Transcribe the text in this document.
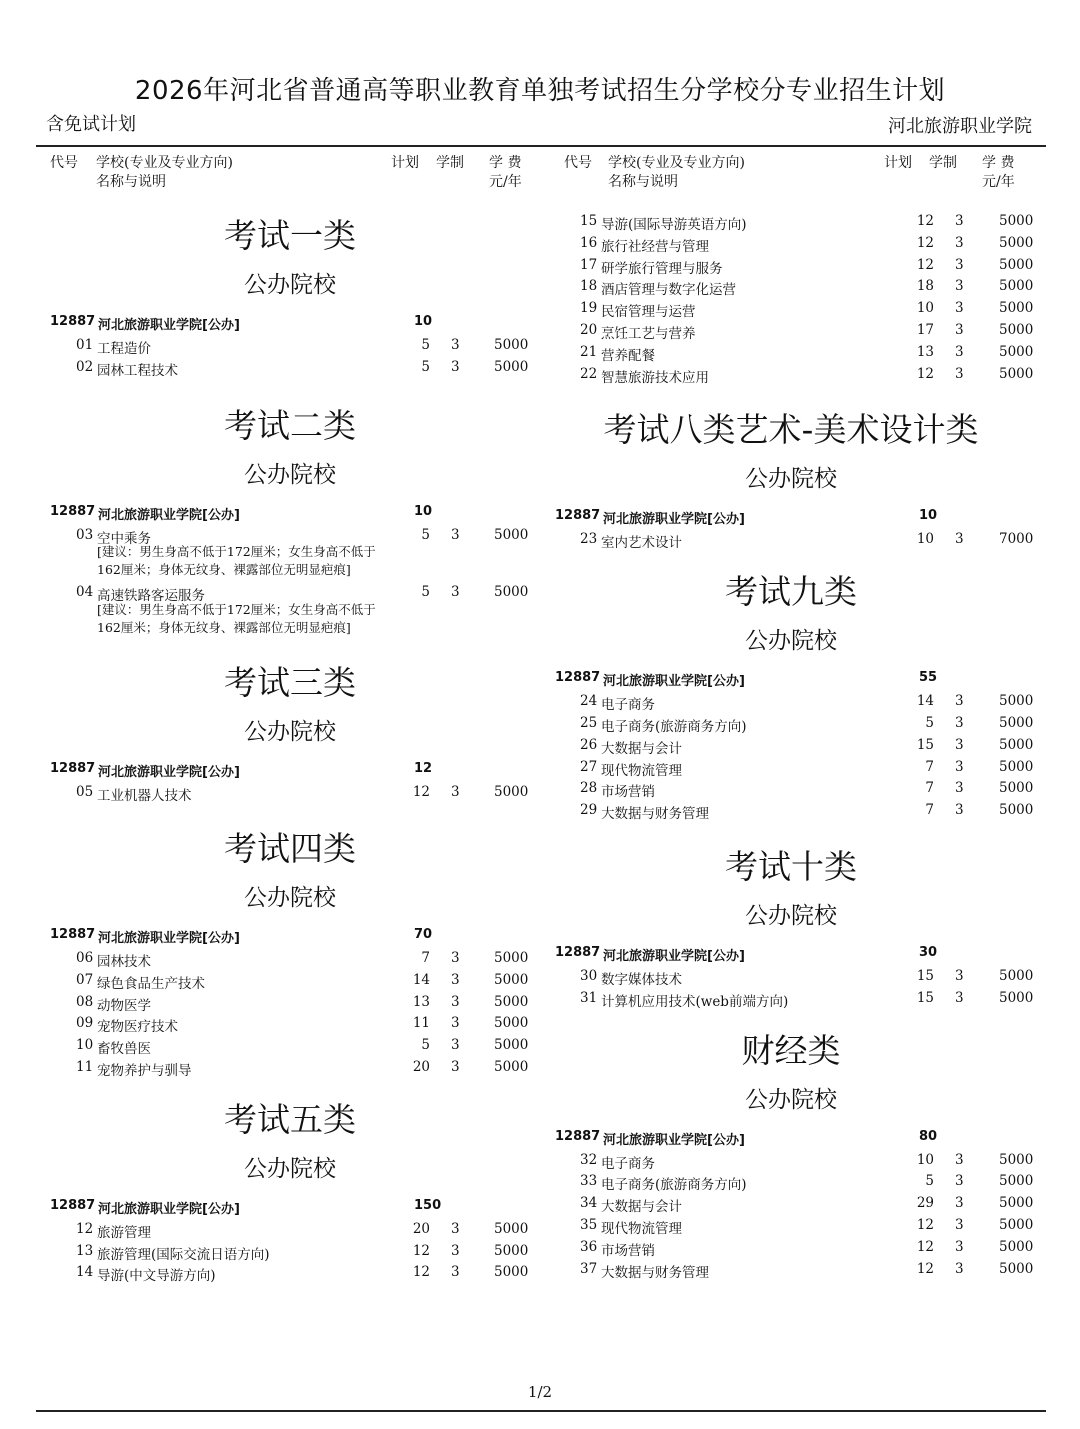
2026年河北省普通高等职业教育单独考试招生分学校分专业招生计划
含免试计划	河北旅游职业学院
代号 学校(专业及专业方向)
名称与说明
计划 学制 学 费
元/年
考试一类
公办院校
12887 河北旅游职业学院[公办]	10
01 工程造价	5 3	5000
02 园林工程技术	5 3	5000
考试二类
公办院校
12887 河北旅游职业学院[公办]	10
03 空中乘务	5 3	5000
[建议：男生身高不低于172厘米；女生身高不低于162厘米；身体无纹身、裸露部位无明显疤痕]
04 高速铁路客运服务	5 3	5000
[建议：男生身高不低于172厘米；女生身高不低于162厘米；身体无纹身、裸露部位无明显疤痕]
考试三类
公办院校
12887 河北旅游职业学院[公办]	12
05 工业机器人技术	12 3	5000
考试四类
公办院校
12887 河北旅游职业学院[公办]	70
06 园林技术	7 3	5000
07 绿色食品生产技术	14 3	5000
08 动物医学	13 3	5000
09 宠物医疗技术	11 3	5000
10 畜牧兽医	5 3	5000
11 宠物养护与驯导	20 3	5000
考试五类
公办院校
12887 河北旅游职业学院[公办]	150
12 旅游管理	20 3	5000
13 旅游管理(国际交流日语方向)	12 3	5000
14 导游(中文导游方向)	12 3	5000
代号 学校(专业及专业方向)
名称与说明
计划 学制 学 费
元/年
15 导游(国际导游英语方向)	12 3	5000
16 旅行社经营与管理	12 3	5000
17 研学旅行管理与服务	12 3	5000
18 酒店管理与数字化运营	18 3	5000
19 民宿管理与运营	10 3	5000
20 烹饪工艺与营养	17 3	5000
21 营养配餐	13 3	5000
22 智慧旅游技术应用	12 3	5000
考试八类艺术-美术设计类
公办院校
12887 河北旅游职业学院[公办]	10
23 室内艺术设计	10 3	7000
考试九类
公办院校
12887 河北旅游职业学院[公办]	55
24 电子商务	14 3	5000
25 电子商务(旅游商务方向)	5 3	5000
26 大数据与会计	15 3	5000
27 现代物流管理	7 3	5000
28 市场营销	7 3	5000
29 大数据与财务管理	7 3	5000
考试十类
公办院校
12887 河北旅游职业学院[公办]	30
30 数字媒体技术	15 3	5000
31 计算机应用技术(web前端方向)	15 3	5000
财经类
公办院校
12887 河北旅游职业学院[公办]	80
32 电子商务	10 3	5000
33 电子商务(旅游商务方向)	5 3	5000
34 大数据与会计	29 3	5000
35 现代物流管理	12 3	5000
36 市场营销	12 3	5000
37 大数据与财务管理	12 3	5000
1/2
